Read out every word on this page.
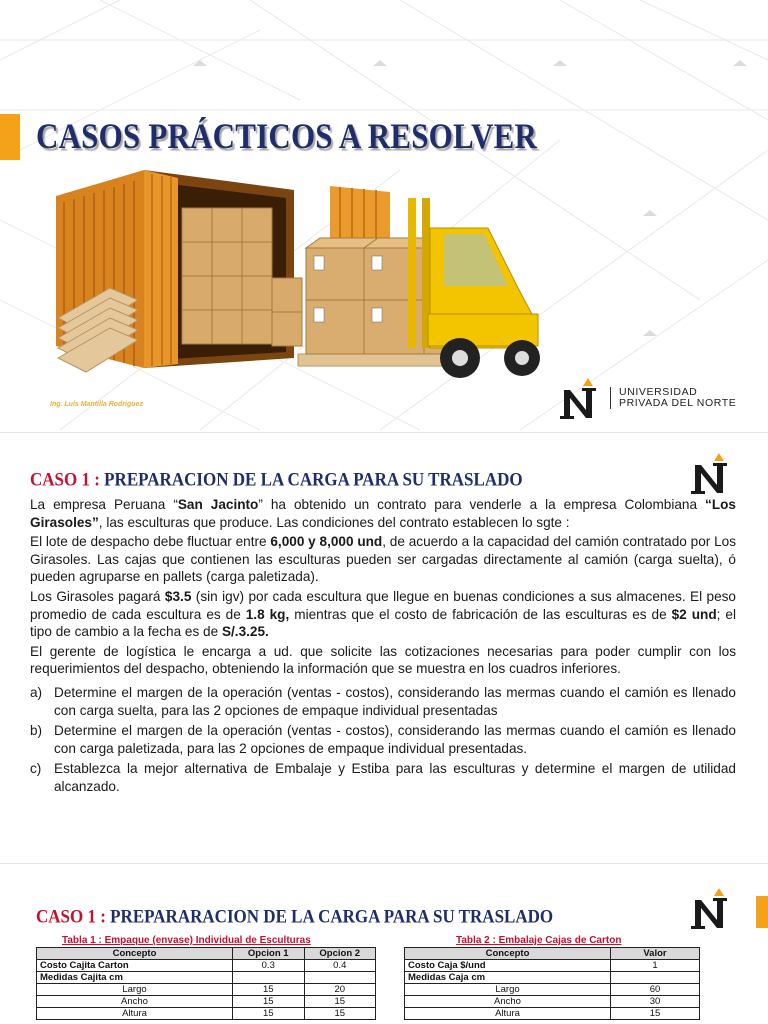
CASOS PRÁCTICOS A RESOLVER
Ing. Luis Mantilla Rodriguez
UNIVERSIDAD
PRIVADA DEL NORTE
CASO 1 : PREPARACION DE LA CARGA PARA SU TRASLADO

La empresa Peruana “San Jacinto” ha obtenido un contrato para venderle a la empresa Colombiana “Los Girasoles”, las esculturas que produce. Las condiciones del contrato establecen lo sgte :

El lote de despacho debe fluctuar entre 6,000 y 8,000 und, de acuerdo a la capacidad del camión contratado por Los Girasoles. Las cajas que contienen las esculturas pueden ser cargadas directamente al camión (carga suelta), ó pueden agruparse en pallets (carga paletizada).

Los Girasoles pagará $3.5 (sin igv) por cada escultura que llegue en buenas condiciones a sus almacenes. El peso promedio de cada escultura es de 1.8 kg, mientras que el costo de fabricación de las esculturas es de $2 und; el tipo de cambio a la fecha es de S/.3.25.

El gerente de logística le encarga a ud. que solicite las cotizaciones necesarias para poder cumplir con los requerimientos del despacho, obteniendo la información que se muestra en los cuadros inferiores.

a) Determine el margen de la operación (ventas - costos), considerando las mermas cuando el camión es llenado con carga suelta, para las 2 opciones de empaque individual presentadas
b) Determine el margen de la operación (ventas - costos), considerando las mermas cuando el camión es llenado con carga paletizada, para las 2 opciones de empaque individual presentadas.
c) Establezca la mejor alternativa de Embalaje y Estiba para las esculturas y determine el margen de utilidad alcanzado.
CASO 1 : PREPARARACION DE LA CARGA PARA SU TRASLADO
Tabla 1 : Empaque (envase) Individual de Esculturas
Concepto	Opcion 1	Opcion 2
Costo Cajita Carton	0.3	0.4
Medidas Cajita cm		
Largo	15	20
Ancho	15	15
Altura	15	15
Tabla 2 : Embalaje Cajas de Carton
Concepto	Valor
Costo Caja $/und	1
Medidas Caja cm	
Largo	60
Ancho	30
Altura	15
